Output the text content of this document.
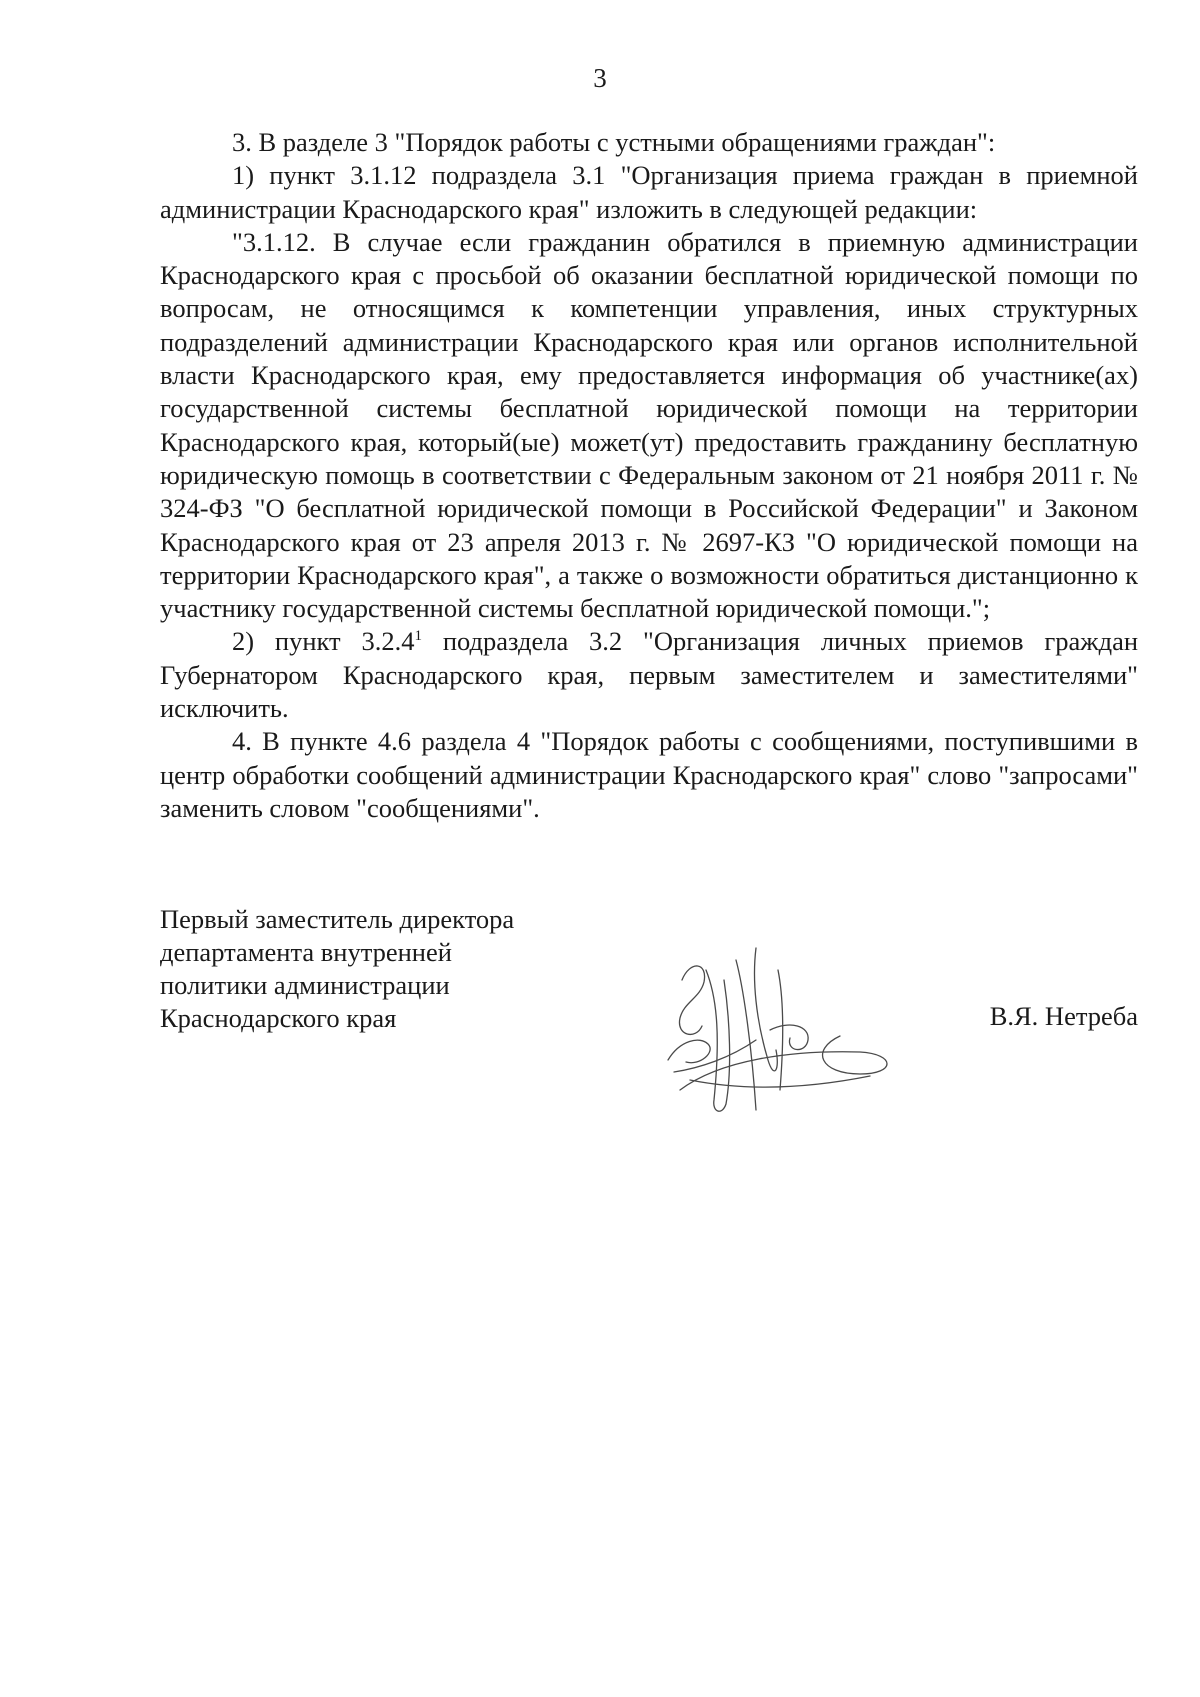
3

3. В разделе 3 "Порядок работы с устными обращениями граждан":

1) пункт 3.1.12 подраздела 3.1 "Организация приема граждан в приемной администрации Краснодарского края" изложить в следующей редакции:

"3.1.12. В случае если гражданин обратился в приемную администрации Краснодарского края с просьбой об оказании бесплатной юридической помощи по вопросам, не относящимся к компетенции управления, иных структурных подразделений администрации Краснодарского края или органов исполнительной власти Краснодарского края, ему предоставляется информация об участнике(ах) государственной системы бесплатной юридической помощи на территории Краснодарского края, который(ые) может(ут) предоставить гражданину бесплатную юридическую помощь в соответствии с Федеральным законом от 21 ноября 2011 г. № 324-ФЗ "О бесплатной юридической помощи в Российской Федерации" и Законом Краснодарского края от 23 апреля 2013 г. № 2697-КЗ "О юридической помощи на территории Краснодарского края", а также о возможности обратиться дистанционно к участнику государственной системы бесплатной юридической помощи.";

2) пункт 3.2.4$^1$ подраздела 3.2 "Организация личных приемов граждан Губернатором Краснодарского края, первым заместителем и заместителями" исключить.

4. В пункте 4.6 раздела 4 "Порядок работы с сообщениями, поступившими в центр обработки сообщений администрации Краснодарского края" слово "запросами" заменить словом "сообщениями".

Первый заместитель директора
департамента внутренней
политики администрации
Краснодарского края	В.Я. Нетреба
